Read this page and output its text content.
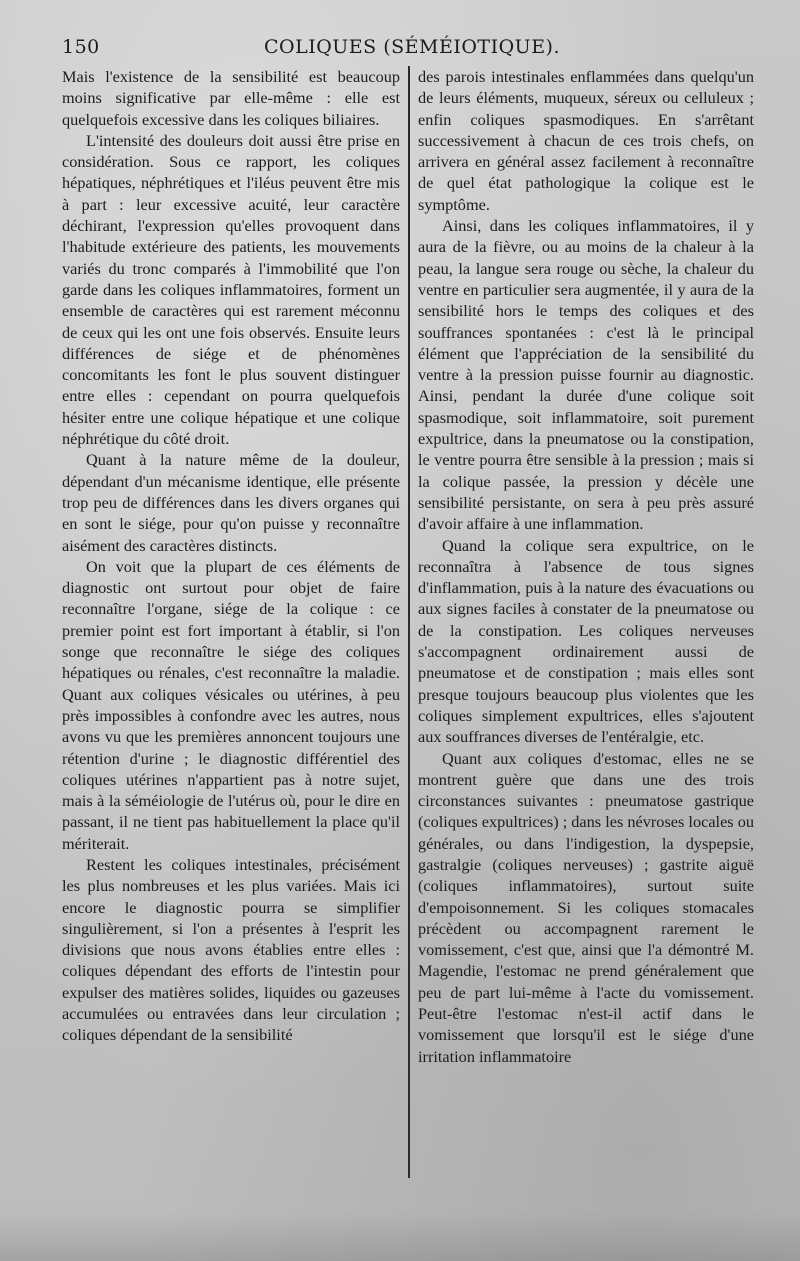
150	COLIQUES (SÉMÉIOTIQUE).

Mais l'existence de la sensibilité est beaucoup moins significative par elle-même : elle est quelquefois excessive dans les coliques biliaires.

L'intensité des douleurs doit aussi être prise en considération. Sous ce rapport, les coliques hépatiques, néphrétiques et l'iléus peuvent être mis à part : leur excessive acuité, leur caractère déchirant, l'expression qu'elles provoquent dans l'habitude extérieure des patients, les mouvements variés du tronc comparés à l'immobilité que l'on garde dans les coliques inflammatoires, forment un ensemble de caractères qui est rarement méconnu de ceux qui les ont une fois observés. Ensuite leurs différences de siége et de phénomènes concomitants les font le plus souvent distinguer entre elles : cependant on pourra quelquefois hésiter entre une colique hépatique et une colique néphrétique du côté droit.

Quant à la nature même de la douleur, dépendant d'un mécanisme identique, elle présente trop peu de différences dans les divers organes qui en sont le siége, pour qu'on puisse y reconnaître aisément des caractères distincts.

On voit que la plupart de ces éléments de diagnostic ont surtout pour objet de faire reconnaître l'organe, siége de la colique : ce premier point est fort important à établir, si l'on songe que reconnaître le siége des coliques hépatiques ou rénales, c'est reconnaître la maladie. Quant aux coliques vésicales ou utérines, à peu près impossibles à confondre avec les autres, nous avons vu que les premières annoncent toujours une rétention d'urine ; le diagnostic différentiel des coliques utérines n'appartient pas à notre sujet, mais à la séméiologie de l'utérus où, pour le dire en passant, il ne tient pas habituellement la place qu'il mériterait.

Restent les coliques intestinales, précisément les plus nombreuses et les plus variées. Mais ici encore le diagnostic pourra se simplifier singulièrement, si l'on a présentes à l'esprit les divisions que nous avons établies entre elles : coliques dépendant des efforts de l'intestin pour expulser des matières solides, liquides ou gazeuses accumulées ou entravées dans leur circulation ; coliques dépendant de la sensibilité

des parois intestinales enflammées dans quelqu'un de leurs éléments, muqueux, séreux ou celluleux ; enfin coliques spasmodiques. En s'arrêtant successivement à chacun de ces trois chefs, on arrivera en général assez facilement à reconnaître de quel état pathologique la colique est le symptôme.

Ainsi, dans les coliques inflammatoires, il y aura de la fièvre, ou au moins de la chaleur à la peau, la langue sera rouge ou sèche, la chaleur du ventre en particulier sera augmentée, il y aura de la sensibilité hors le temps des coliques et des souffrances spontanées : c'est là le principal élément que l'appréciation de la sensibilité du ventre à la pression puisse fournir au diagnostic. Ainsi, pendant la durée d'une colique soit spasmodique, soit inflammatoire, soit purement expultrice, dans la pneumatose ou la constipation, le ventre pourra être sensible à la pression ; mais si la colique passée, la pression y décèle une sensibilité persistante, on sera à peu près assuré d'avoir affaire à une inflammation.

Quand la colique sera expultrice, on le reconnaîtra à l'absence de tous signes d'inflammation, puis à la nature des évacuations ou aux signes faciles à constater de la pneumatose ou de la constipation. Les coliques nerveuses s'accompagnent ordinairement aussi de pneumatose et de constipation ; mais elles sont presque toujours beaucoup plus violentes que les coliques simplement expultrices, elles s'ajoutent aux souffrances diverses de l'entéralgie, etc.

Quant aux coliques d'estomac, elles ne se montrent guère que dans une des trois circonstances suivantes : pneumatose gastrique (coliques expultrices) ; dans les névroses locales ou générales, ou dans l'indigestion, la dyspepsie, gastralgie (coliques nerveuses) ; gastrite aiguë (coliques inflammatoires), surtout suite d'empoisonnement. Si les coliques stomacales précèdent ou accompagnent rarement le vomissement, c'est que, ainsi que l'a démontré M. Magendie, l'estomac ne prend généralement que peu de part lui-même à l'acte du vomissement. Peut-être l'estomac n'est-il actif dans le vomissement que lorsqu'il est le siége d'une irritation inflammatoire
